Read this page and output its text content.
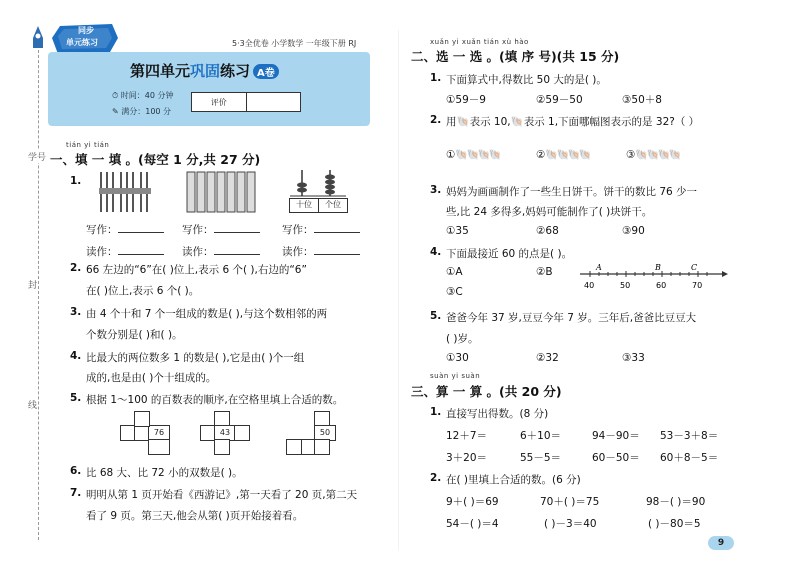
学号
封
线
同步
单元练习	5·3全优卷 小学数学 一年级下册 RJ
第四单元巩固练习 A卷
⏱ 时间：40 分钟
✎ 满分：100 分
评价
tián yi tián
一、填 一 填 。(每空 1 分,共 27 分)
1.
十位	个位
写作：	写作：	写作：
读作：	读作：	读作：
2. 66 左边的“6”在( )位上,表示 6 个( ),右边的“6”
在( )位上,表示 6 个( )。
3. 由 4 个十和 7 个一组成的数是( ),与这个数相邻的两
个数分别是( )和( )。
4. 比最大的两位数多 1 的数是( ),它是由( )个一组
成的,也是由( )个十组成的。
5. 根据 1～100 的百数表的顺序,在空格里填上合适的数。
76	43	50
6. 比 68 大、比 72 小的双数是( )。
7. 明明从第 1 页开始看《西游记》,第一天看了 20 页,第二天
看了 9 页。第三天,他会从第( )页开始接着看。
xuǎn yi xuǎn tián xù hào
二、选 一 选 。(填 序 号)(共 15 分)
1. 下面算式中,得数比 50 大的是( )。
①59－9	②59－50	③50＋8
2. 用🐚表示 10,🐚表示 1,下面哪幅图表示的是 32?（ ）
①🐚🐚🐚🐚	②🐚🐚🐚🐚	③🐚🐚🐚🐚
3. 妈妈为画画制作了一些生日饼干。饼干的数比 76 少一
些,比 24 多得多,妈妈可能制作了( )块饼干。
①35	②68	③90
4. 下面最接近 60 的点是( )。
①A	②B
③C
40	50	60	70
A	B	C
5. 爸爸今年 37 岁,豆豆今年 7 岁。三年后,爸爸比豆豆大
( )岁。
①30	②32	③33
suàn yi suàn
三、算 一 算 。(共 20 分)
1. 直接写出得数。(8 分)
12＋7＝	6＋10＝	94－90＝ 53－3＋8＝
3＋20＝	55－5＝	60－50＝ 60＋8－5＝
2. 在( )里填上合适的数。(6 分)
9＋( )＝69	70＋( )＝75	98－( )＝90
54－( )＝4	( )－3＝40	( )－80＝5
9
